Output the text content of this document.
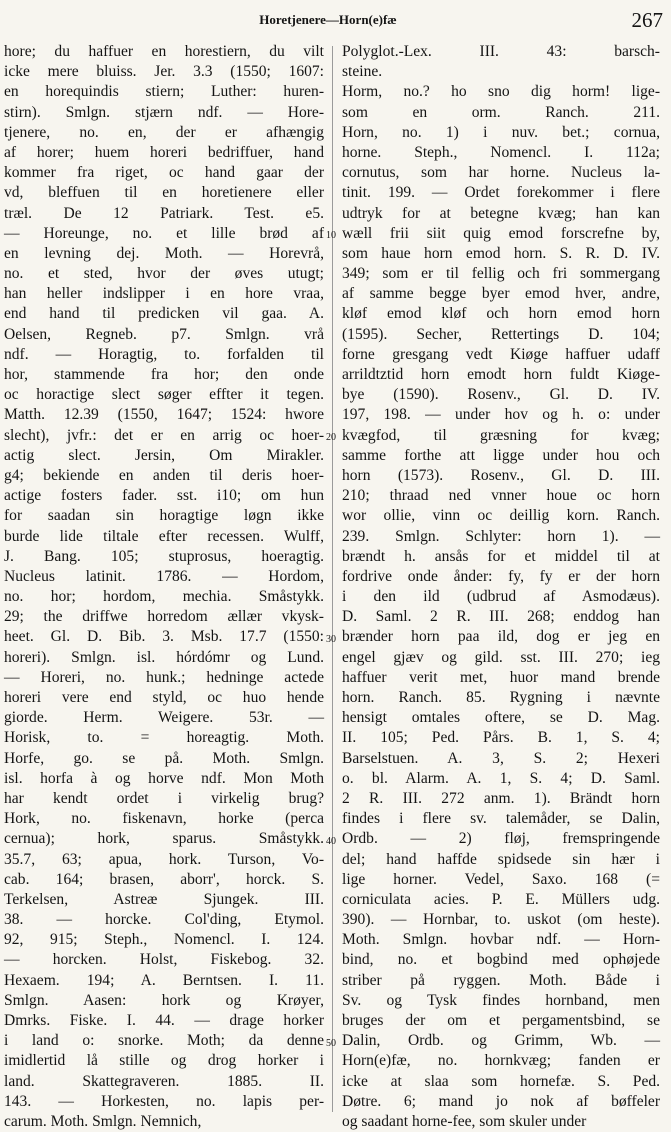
Horetjenere—Horn(e)fæ	267
hore; du haffuer en horestiern, du vilt
icke mere bluiss. Jer. 3.3 (1550; 1607:
en horequindis stiern; Luther: huren-
stirn). Smlgn. stjærn ndf. — Hore-
tjenere, no. en, der er afhængig
af horer; huem horeri bedriffuer, hand
kommer fra riget, oc hand gaar der
vd, bleffuen til en horetienere eller
træl. De 12 Patriark. Test. e5.
— Horeunge, no. et lille brød af
en levning dej. Moth. — Horevrå,
no. et sted, hvor der øves utugt;
han heller indslipper i en hore vraa,
end hand til predicken vil gaa. A.
Oelsen, Regneb. p7. Smlgn. vrå
ndf. — Horagtig, to. forfalden til
hor, stammende fra hor; den onde
oc horactige slect søger effter it tegen.
Matth. 12.39 (1550, 1647; 1524: hwore
slecht), jvfr.: det er en arrig oc hoer-
actig slect. Jersin, Om Mirakler.
g4; bekiende en anden til deris hoer-
actige fosters fader. sst. i10; om hun
for saadan sin horagtige løgn ikke
burde lide tiltale efter recessen. Wulff,
J. Bang. 105; stuprosus, hoeragtig.
Nucleus latinit. 1786. — Hordom,
no. hor; hordom, mechia. Småstykk.
29; the driffwe horredom ællær vkysk-
heet. Gl. D. Bib. 3. Msb. 17.7 (1550:
horeri). Smlgn. isl. hórdómr og Lund.
— Horeri, no. hunk.; hedninge actede
horeri vere end styld, oc huo hende
giorde. Herm. Weigere. 53r. —
Horisk, to. = horeagtig. Moth.
Horfe, go. se på. Moth. Smlgn.
isl. horfa à og horve ndf. Mon Moth
har kendt ordet i virkelig brug?
Hork, no. fiskenavn, horke (perca
cernua); hork, sparus. Småstykk.
35.7, 63; apua, hork. Turson, Vo-
cab. 164; brasen, aborr', horck. S.
Terkelsen, Astreæ Sjungek. III.
38. — horcke. Col'ding, Etymol.
92, 915; Steph., Nomencl. I. 124.
— horcken. Holst, Fiskebog. 32.
Hexaem. 194; A. Berntsen. I. 11.
Smlgn. Aasen: hork og Krøyer,
Dmrks. Fiske. I. 44. — drage horker
i land o: snorke. Moth; da denne
imidlertid lå stille og drog horker i
land. Skattegraveren. 1885. II.
143. — Horkesten, no. lapis per-
carum. Moth. Smlgn. Nemnich,
10
20
30
40
50
Polyglot.-Lex. III. 43: barsch-
steine.
Horm, no.? ho sno dig horm! lige-
som en orm. Ranch. 211.
Horn, no. 1) i nuv. bet.; cornua,
horne. Steph., Nomencl. I. 112a;
cornutus, som har horne. Nucleus la-
tinit. 199. — Ordet forekommer i flere
udtryk for at betegne kvæg; han kan
wæll frii siit quig emod forscrefne by,
som haue horn emod horn. S. R. D. IV.
349; som er til fellig och fri sommergang
af samme begge byer emod hver, andre,
kløf emod kløf och horn emod horn
(1595). Secher, Rettertings D. 104;
forne gresgang vedt Kiøge haffuer udaff
arrildtztid horn emodt horn fuldt Kiøge-
bye (1590). Rosenv., Gl. D. IV.
197, 198. — under hov og h. o: under
kvægfod, til græsning for kvæg;
samme forthe att ligge under hou och
horn (1573). Rosenv., Gl. D. III.
210; thraad ned vnner houe oc horn
wor ollie, vinn oc deillig korn. Ranch.
239. Smlgn. Schlyter: horn 1). —
brændt h. ansås for et middel til at
fordrive onde ånder: fy, fy er der horn
i den ild (udbrud af Asmodæus).
D. Saml. 2 R. III. 268; enddog han
brænder horn paa ild, dog er jeg en
engel gjæv og gild. sst. III. 270; ieg
haffuer verit met, huor mand brende
horn. Ranch. 85. Rygning i nævnte
hensigt omtales oftere, se D. Mag.
II. 105; Ped. Pårs. B. 1, S. 4;
Barselstuen. A. 3, S. 2; Hexeri
o. bl. Alarm. A. 1, S. 4; D. Saml.
2 R. III. 272 anm. 1). Brändt horn
findes i flere sv. talemåder, se Dalin,
Ordb. — 2) fløj, fremspringende
del; hand haffde spidsede sin hær i
lige horner. Vedel, Saxo. 168 (=
corniculata acies. P. E. Müllers udg.
390). — Hornbar, to. uskot (om heste).
Moth. Smlgn. hovbar ndf. — Horn-
bind, no. et bogbind med ophøjede
striber på ryggen. Moth. Både i
Sv. og Tysk findes hornband, men
bruges der om et pergamentsbind, se
Dalin, Ordb. og Grimm, Wb. —
Horn(e)fæ, no. hornkvæg; fanden er
icke at slaa som hornefæ. S. Ped.
Døtre. 6; mand jo nok af bøffeler
og saadant horne-fee, som skuler under
